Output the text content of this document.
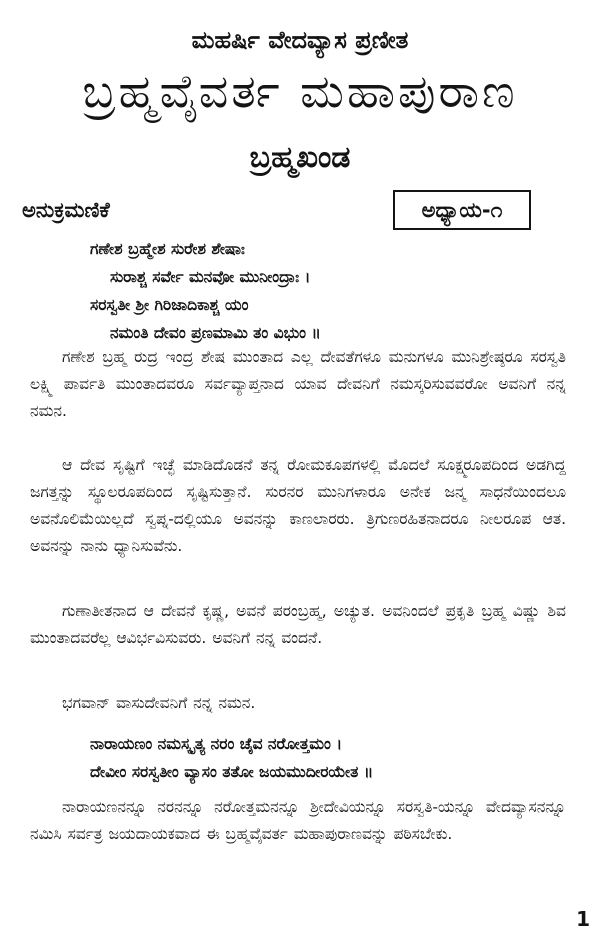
ಮಹರ್ಷಿ ವೇದವ್ಯಾಸ ಪ್ರಣೀತ
ಬ್ರಹ್ಮವೈವರ್ತ ಮಹಾಪುರಾಣ
ಬ್ರಹ್ಮಖಂಡ
ಅನುಕ್ರಮಣಿಕೆ	ಅಧ್ಯಾಯ-೧
ಗಣೇಶ ಬ್ರಹ್ಮೇಶ ಸುರೇಶ ಶೇಷಾಃ
ಸುರಾಶ್ಚ ಸರ್ವೇ ಮನವೋ ಮುನೀಂದ್ರಾಃ ।
ಸರಸ್ವತೀ ಶ್ರೀ ಗಿರಿಜಾದಿಕಾಶ್ಚ ಯಂ
ನಮಂತಿ ದೇವಂ ಪ್ರಣಮಾಮಿ ತಂ ವಿಭುಂ ॥

ಗಣೇಶ ಬ್ರಹ್ಮ ರುದ್ರ ಇಂದ್ರ ಶೇಷ ಮುಂತಾದ ಎಲ್ಲ ದೇವತೆಗಳೂ ಮನುಗಳೂ ಮುನಿಶ್ರೇಷ್ಠರೂ ಸರಸ್ವತಿ ಲಕ್ಷ್ಮಿ ಪಾರ್ವತಿ ಮುಂತಾದವರೂ ಸರ್ವವ್ಯಾಪ್ತನಾದ ಯಾವ ದೇವನಿಗೆ ನಮಸ್ಕರಿಸುವವರೋ ಅವನಿಗೆ ನನ್ನ ನಮನ.

ಆ ದೇವ ಸೃಷ್ಟಿಗೆ ಇಚ್ಛೆ ಮಾಡಿದೊಡನೆ ತನ್ನ ರೋಮಕೂಪಗಳಲ್ಲಿ ಮೊದಲೆ ಸೂಕ್ಷ್ಮರೂಪದಿಂದ ಅಡಗಿದ್ದ ಜಗತ್ತನ್ನು ಸ್ಥೂಲರೂಪದಿಂದ ಸೃಷ್ಟಿಸುತ್ತಾನೆ. ಸುರನರ ಮುನಿಗಳಾರೂ ಅನೇಕ ಜನ್ಮ ಸಾಧನೆಯಿಂದಲೂ ಅವನೊಲಿಮೆಯಿಲ್ಲದೆ ಸ್ವಪ್ನ-ದಲ್ಲಿಯೂ ಅವನನ್ನು ಕಾಣಲಾರರು. ತ್ರಿಗುಣರಹಿತನಾದರೂ ನೀಲರೂಪ ಆತ. ಅವನನ್ನು ನಾನು ಧ್ಯಾನಿಸುವೆನು.

ಗುಣಾತೀತನಾದ ಆ ದೇವನೆ ಕೃಷ್ಣ, ಅವನೆ ಪರಂಬ್ರಹ್ಮ, ಅಚ್ಯುತ. ಅವನಿಂದಲೆ ಪ್ರಕೃತಿ ಬ್ರಹ್ಮ ವಿಷ್ಣು ಶಿವ ಮುಂತಾದವರೆಲ್ಲ ಆವಿರ್ಭವಿಸುವರು. ಅವನಿಗೆ ನನ್ನ ವಂದನೆ.

ಭಗವಾನ್ ವಾಸುದೇವನಿಗೆ ನನ್ನ ನಮನ.

ನಾರಾಯಣಂ ನಮಸ್ಕೃತ್ಯ ನರಂ ಚೈವ ನರೋತ್ತಮಂ ।
ದೇವೀಂ ಸರಸ್ವತೀಂ ವ್ಯಾಸಂ ತತೋ ಜಯಮುದೀರಯೇತ ॥

ನಾರಾಯಣನನ್ನೂ ನರನನ್ನೂ ನರೋತ್ತಮನನ್ನೂ ಶ್ರೀದೇವಿಯನ್ನೂ ಸರಸ್ವತಿ-ಯನ್ನೂ ವೇದವ್ಯಾಸನನ್ನೂ ನಮಿಸಿ ಸರ್ವತ್ರ ಜಯದಾಯಕವಾದ ಈ ಬ್ರಹ್ಮವೈವರ್ತ ಮಹಾಪುರಾಣವನ್ನು ಪಠಿಸಬೇಕು.

1
